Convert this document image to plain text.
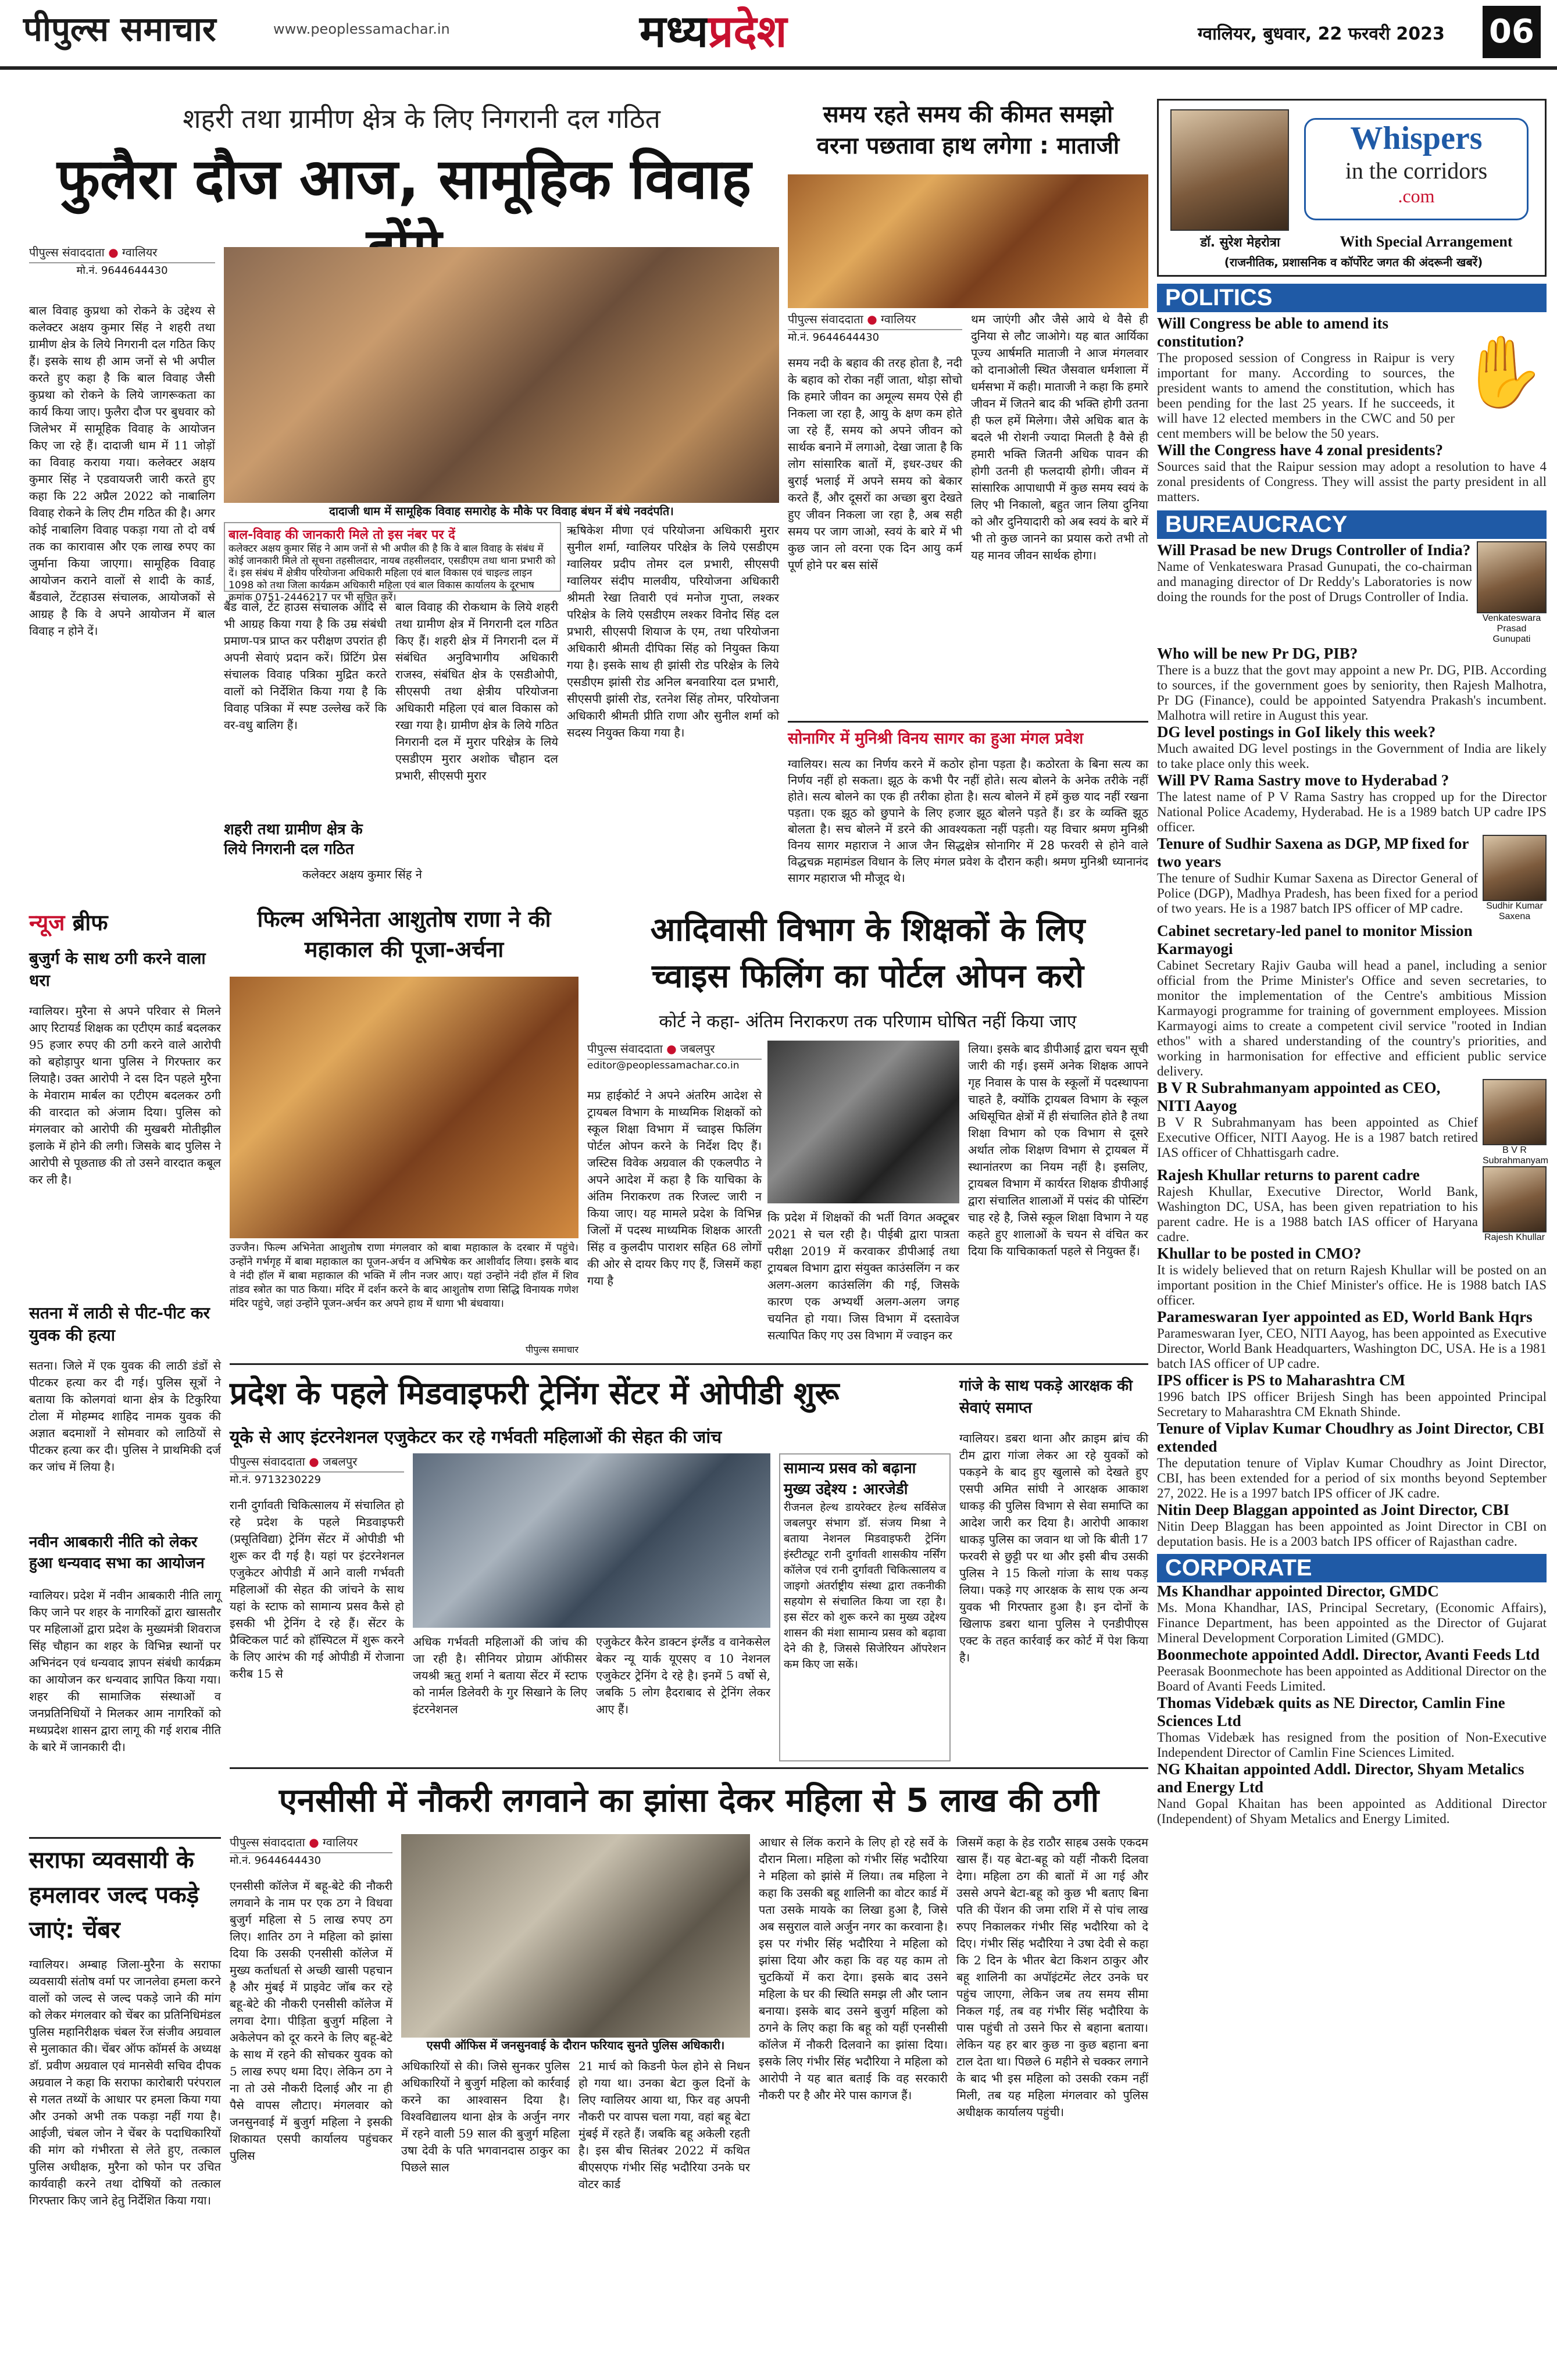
पीपुल्स समाचार	www.peoplessamachar.in	मध्यप्रदेश	ग्वालियर, बुधवार, 22 फरवरी 2023 06
शहरी तथा ग्रामीण क्षेत्र के लिए निगरानी दल गठित
फुलैरा दौज आज, सामूहिक विवाह
पीपुल्स संवाददाता ● ग्वालियर
मो.नं. 9644644430
बाल विवाह कुप्रथा को रोकने के उद्देश्य से कलेक्टर अक्षय कुमार सिंह ने शहरी तथा ग्रामीण क्षेत्र के लिये निगरानी दल गठित किए हैं। इसके साथ ही आम जनों से भी अपील करते हुए कहा है कि बाल विवाह जैसी कुप्रथा को रोकने के लिये जागरूकता का कार्य किया जाए। फुलैरा दौज पर बुधवार को जिलेभर में सामूहिक विवाह के आयोजन किए जा रहे हैं। दादाजी धाम में 11 जोड़ों का विवाह कराया गया। कलेक्टर अक्षय कुमार सिंह ने एडवायजरी जारी करते हुए कहा कि 22 अप्रैल 2022 को नाबालिग विवाह रोकने के लिए टीम गठित की है। अगर कोई नाबालिग विवाह पकड़ा गया तो दो वर्ष तक का कारावास और एक लाख रुपए का जुर्माना किया जाएगा। सामूहिक विवाह आयोजन कराने वालों से शादी के कार्ड, बैंडवाले, टेंटहाउस संचालक, आयोजकों से आग्रह है कि वे अपने आयोजन में बाल विवाह न होने दें।
दादाजी धाम में सामूहिक विवाह समारोह के मौके पर विवाह बंधन में बंधे नवदंपति।
बाल-विवाह की जानकारी मिले तो इस नंबर पर दें
कलेक्टर अक्षय कुमार सिंह ने आम जनों से भी अपील की है कि वे बाल विवाह के संबंध में कोई जानकारी मिले तो सूचना तहसीलदार, नायब तहसीलदार, एसडीएम तथा थाना प्रभारी को दें। इस संबंध में क्षेत्रीय परियोजना अधिकारी महिला एवं बाल विकास एवं चाइल्ड लाइन 1098 को तथा जिला कार्यक्रम अधिकारी महिला एवं बाल विकास कार्यालय के दूरभाष क्रमांक 0751-2446217 पर भी सूचित करें।
बैंड वाले, टेंट हाउस संचालक आदि से भी आग्रह किया गया है कि उम्र संबंधी प्रमाण-पत्र प्राप्त कर परीक्षण उपरांत ही अपनी सेवाएं प्रदान करें। प्रिंटिंग प्रेस संचालक विवाह पत्रिका मुद्रित करते वालों को निर्देशित किया गया है कि विवाह पत्रिका में स्पष्ट उल्लेख करें कि वर-वधु बालिग हैं।
शहरी तथा ग्रामीण क्षेत्र के लिये निगरानी दल गठित
बाल विवाह की रोकथाम के लिये शहरी तथा ग्रामीण क्षेत्र में निगरानी दल गठित किए हैं। शहरी क्षेत्र में निगरानी दल में संबंधित अनुविभागीय अधिकारी राजस्व, संबंधित क्षेत्र के एसडीओपी, सीएसपी तथा क्षेत्रीय परियोजना अधिकारी महिला एवं बाल विकास को रखा गया है। ग्रामीण क्षेत्र के लिये गठित निगरानी दल में मुरार परिक्षेत्र के लिये एसडीएम मुरार अशोक चौहान दल प्रभारी, सीएसपी मुरार
कलेक्टर अक्षय कुमार सिंह ने
ऋषिकेश मीणा एवं परियोजना अधिकारी मुरार सुनील शर्मा, ग्वालियर परिक्षेत्र के लिये एसडीएम ग्वालियर प्रदीप तोमर दल प्रभारी, सीएसपी ग्वालियर संदीप मालवीय, परियोजना अधिकारी श्रीमती रेखा तिवारी एवं मनोज गुप्ता, लश्कर परिक्षेत्र के लिये एसडीएम लश्कर विनोद सिंह दल प्रभारी, सीएसपी शियाज के एम, तथा परियोजना अधिकारी श्रीमती दीपिका सिंह को नियुक्त किया गया है। इसके साथ ही झांसी रोड परिक्षेत्र के लिये एसडीएम झांसी रोड अनिल बनवारिया दल प्रभारी, सीएसपी झांसी रोड, रतनेश सिंह तोमर, परियोजना अधिकारी श्रीमती प्रीति राणा और सुनील शर्मा को सदस्य नियुक्त किया गया है।
समय रहते समय की कीमत समझो
वरना पछतावा हाथ लगेगा : माताजी
पीपुल्स संवाददाता ● ग्वालियर
मो.नं. 9644644430
समय नदी के बहाव की तरह होता है, नदी के बहाव को रोका नहीं जाता, थोड़ा सोचो कि हमारे जीवन का अमूल्य समय ऐसे ही निकला जा रहा है, आयु के क्षण कम होते जा रहे हैं, समय को अपने जीवन को सार्थक बनाने में लगाओ, देखा जाता है कि लोग सांसारिक बातों में, इधर-उधर की बुराई भलाई में अपने समय को बेकार करते हैं, और दूसरों का अच्छा बुरा देखते हुए जीवन निकला जा रहा है, अब सही समय पर जाग जाओ, स्वयं के बारे में भी कुछ जान लो वरना एक दिन आयु कर्म पूर्ण होने पर बस सांसें
थम जाएंगी और जैसे आये थे वैसे ही दुनिया से लौट जाओगे। यह बात आर्यिका पूज्य आर्षमति माताजी ने आज मंगलवार को दानाओली स्थित जैसवाल धर्मशाला में धर्मसभा में कही। माताजी ने कहा कि हमारे जीवन में जितने बाद की भक्ति होगी उतना ही फल हमें मिलेगा। जैसे अधिक बात के बदले भी रोशनी ज्यादा मिलती है वैसे ही हमारी भक्ति जितनी अधिक पावन की होगी उतनी ही फलदायी होगी। जीवन में सांसारिक आपाधापी में कुछ समय स्वयं के लिए भी निकालो, बहुत जान लिया दुनिया को और दुनियादारी को अब स्वयं के बारे में भी तो कुछ जानने का प्रयास करो तभी तो यह मानव जीवन सार्थक होगा।
सोनागिर में मुनिश्री विनय सागर का हुआ मंगल प्रवेश
ग्वालियर। सत्य का निर्णय करने में कठोर होना पड़ता है। कठोरता के बिना सत्य का निर्णय नहीं हो सकता। झूठ के कभी पैर नहीं होते। सत्य बोलने के अनेक तरीके नहीं होते। सत्य बोलने का एक ही तरीका होता है। सत्य बोलने में हमें कुछ याद नहीं रखना पड़ता। एक झूठ को छुपाने के लिए हजार झूठ बोलने पड़ते हैं। डर के व्यक्ति झूठ बोलता है। सच बोलने में डरने की आवश्यकता नहीं पड़ती। यह विचार श्रमण मुनिश्री विनय सागर महाराज ने आज जैन सिद्धक्षेत्र सोनागिर में 28 फरवरी से होने वाले विद्धचक्र महामंडल विधान के लिए मंगल प्रवेश के दौरान कही। श्रमण मुनिश्री ध्यानानंद सागर महाराज भी मौजूद थे।
न्यूज ब्रीफ
बुजुर्ग के साथ ठगी करने वाला धरा
ग्वालियर। मुरैना से अपने परिवार से मिलने आए रिटायर्ड शिक्षक का एटीएम कार्ड बदलकर 95 हजार रुपए की ठगी करने वाले आरोपी को बहोड़ापुर थाना पुलिस ने गिरफ्तार कर लियाहै। उक्त आरोपी ने दस दिन पहले मुरैना के मेवाराम मार्बल का एटीएम बदलकर ठगी की वारदात को अंजाम दिया। पुलिस को मंगलवार को आरोपी की मुखबरी मोतीझील इलाके में होने की लगी। जिसके बाद पुलिस ने आरोपी से पूछताछ की तो उसने वारदात कबूल कर ली है।
सतना में लाठी से पीट-पीट कर युवक की हत्या
सतना। जिले में एक युवक की लाठी डंडों से पीटकर हत्या कर दी गई। पुलिस सूत्रों ने बताया कि कोलगवां थाना क्षेत्र के टिकुरिया टोला में मोहम्मद शाहिद नामक युवक की अज्ञात बदमाशों ने सोमवार को लाठियों से पीटकर हत्या कर दी। पुलिस ने प्राथमिकी दर्ज कर जांच में लिया है।
नवीन आबकारी नीति को लेकर हुआ धन्यवाद सभा का आयोजन
ग्वालियर। प्रदेश में नवीन आबकारी नीति लागू किए जाने पर शहर के नागरिकों द्वारा खासतौर पर महिलाओं द्वारा प्रदेश के मुख्यमंत्री शिवराज सिंह चौहान का शहर के विभिन्न स्थानों पर अभिनंदन एवं धन्यवाद ज्ञापन संबंधी कार्यक्रम का आयोजन कर धन्यवाद ज्ञापित किया गया। शहर की सामाजिक संस्थाओं व जनप्रतिनिधियों ने मिलकर आम नागरिकों को मध्यप्रदेश शासन द्वारा लागू की गई शराब नीति के बारे में जानकारी दी।
फिल्म अभिनेता आशुतोष राणा ने की महाकाल की पूजा-अर्चना
उज्जैन। फिल्म अभिनेता आशुतोष राणा मंगलवार को बाबा महाकाल के दरबार में पहुंचे। उन्होंने गर्भगृह में बाबा महाकाल का पूजन-अर्चन व अभिषेक कर आशीर्वाद लिया। इसके बाद वे नंदी हॉल में बाबा महाकाल की भक्ति में लीन नजर आए। यहां उन्होंने नंदी हॉल में शिव तांडव स्त्रोत का पाठ किया। मंदिर में दर्शन करने के बाद आशुतोष राणा सिद्धि विनायक गणेश मंदिर पहुंचे, जहां उन्होंने पूजन-अर्चन कर अपने हाथ में धागा भी बंधवाया।
पीपुल्स समाचार
आदिवासी विभाग के शिक्षकों के लिए
च्वाइस फिलिंग का पोर्टल ओपन करो
कोर्ट ने कहा- अंतिम निराकरण तक परिणाम घोषित नहीं किया जाए
पीपुल्स संवाददाता ● जबलपुर
editor@peoplessamachar.co.in
मप्र हाईकोर्ट ने अपने अंतरिम आदेश से ट्रायबल विभाग के माध्यमिक शिक्षकों को स्कूल शिक्षा विभाग में च्वाइस फिलिंग पोर्टल ओपन करने के निर्देश दिए हैं। जस्टिस विवेक अग्रवाल की एकलपीठ ने अपने आदेश में कहा है कि याचिका के अंतिम निराकरण तक रिजल्ट जारी न किया जाए। यह मामले प्रदेश के विभिन्न जिलों में पदस्थ माध्यमिक शिक्षक आरती सिंह व कुलदीप पाराशर सहित 68 लोगों की ओर से दायर किए गए हैं, जिसमें कहा गया है
कि प्रदेश में शिक्षकों की भर्ती विगत अक्टूबर 2021 से चल रही है। पीईबी द्वारा पात्रता परीक्षा 2019 में करवाकर डीपीआई तथा ट्रायबल विभाग द्वारा संयुक्त काउंसलिंग न कर अलग-अलग काउंसलिंग की गई, जिसके कारण एक अभ्यर्थी अलग-अलग जगह चयनित हो गया। जिस विभाग में दस्तावेज सत्यापित किए गए उस विभाग में ज्वाइन कर
लिया। इसके बाद डीपीआई द्वारा चयन सूची जारी की गई। इसमें अनेक शिक्षक आपने गृह निवास के पास के स्कूलों में पदस्थापना चाहते है, क्योंकि ट्रायबल विभाग के स्कूल अधिसूचित क्षेत्रों में ही संचालित होते है तथा शिक्षा विभाग को एक विभाग से दूसरे अर्थात लोक शिक्षण विभाग से ट्रायबल में स्थानांतरण का नियम नहीं है। इसलिए, ट्रायबल विभाग में कार्यरत शिक्षक डीपीआई द्वारा संचालित शालाओं में पसंद की पोस्टिंग चाह रहे है, जिसे स्कूल शिक्षा विभाग ने यह कहते हुए शालाओं के चयन से वंचित कर दिया कि याचिकाकर्ता पहले से नियुक्त हैं।
प्रदेश के पहले मिडवाइफरी ट्रेनिंग सेंटर में ओपीडी शुरू
यूके से आए इंटरनेशनल एजुकेटर कर रहे गर्भवती महिलाओं की सेहत की जांच
पीपुल्स संवाददाता ● जबलपुर
मो.नं. 9713230229
रानी दुर्गावती चिकित्सालय में संचालित हो रहे प्रदेश के पहले मिडवाइफरी (प्रसूतिविद्या) ट्रेनिंग सेंटर में ओपीडी भी शुरू कर दी गई है। यहां पर इंटरनेशनल एजुकेटर ओपीडी में आने वाली गर्भवती महिलाओं की सेहत की जांचने के साथ यहां के स्टाफ को सामान्य प्रसव कैसे हो इसकी भी ट्रेनिंग दे रहे हैं। सेंटर के प्रैक्टिकल पार्ट को हॉस्पिटल में शुरू करने के लिए आरंभ की गई ओपीडी में रोजाना करीब 15 से
अधिक गर्भवती महिलाओं की जांच की जा रही है। सीनियर प्रोग्राम ऑफीसर जयश्री ऋतु शर्मा ने बताया सेंटर में स्टाफ को नार्मल डिलेवरी के गुर सिखाने के लिए इंटरनेशनल
एजुकेटर कैरेन डाक्टन इंग्लैंड व वानेकसेल बेकर न्यू यार्क यूएसए व 10 नेशनल एजुकेटर ट्रेनिंग दे रहे है। इनमें 5 वर्षो से, जबकि 5 लोग हैदराबाद से ट्रेनिंग लेकर आए हैं।
सामान्य प्रसव को बढ़ाना मुख्य उद्देश्य : आरजेडी
रीजनल हेल्थ डायरेक्टर हेल्थ सर्विसेज जबलपुर संभाग डॉ. संजय मिश्रा ने बताया नेशनल मिडवाइफरी ट्रेनिंग इंस्टीट्यूट रानी दुर्गावती शासकीय नर्सिंग कॉलेज एवं रानी दुर्गावती चिकित्सालय व जाइगो अंतर्राष्ट्रीय संस्था द्वारा तकनीकी सहयोग से संचालित किया जा रहा है। इस सेंटर को शुरू करने का मुख्य उद्देश्य शासन की मंशा सामान्य प्रसव को बढ़ावा देने की है, जिससे सिजेरियन ऑपरेशन कम किए जा सकें।
गांजे के साथ पकड़े आरक्षक की सेवाएं समाप्त
ग्वालियर। डबरा थाना और क्राइम ब्रांच की टीम द्वारा गांजा लेकर आ रहे युवकों को पकड़ने के बाद हुए खुलासे को देखते हुए एसपी अमित सांघी ने आरक्षक आकाश धाकड़ की पुलिस विभाग से सेवा समाप्ति का आदेश जारी कर दिया है। आरोपी आकाश धाकड़ पुलिस का जवान था जो कि बीती 17 फरवरी से छुट्टी पर था और इसी बीच उसकी पुलिस ने 15 किलो गांजा के साथ पकड़ लिया। पकड़े गए आरक्षक के साथ एक अन्य युवक भी गिरफ्तार हुआ है। इन दोनों के खिलाफ डबरा थाना पुलिस ने एनडीपीएस एक्ट के तहत कार्रवाई कर कोर्ट में पेश किया है।
सराफा व्यवसायी के हमलावर जल्द पकड़े जाएं: चेंबर
ग्वालियर। अम्बाह जिला-मुरैना के सराफा व्यवसायी संतोष वर्मा पर जानलेवा हमला करने वालों को जल्द से जल्द पकड़े जाने की मांग को लेकर मंगलवार को चेंबर का प्रतिनिधिमंडल पुलिस महानिरीक्षक चंबल रेंज संजीव अग्रवाल से मुलाकात की। चेंबर ऑफ कॉमर्स के अध्यक्ष डॉ. प्रवीण अग्रवाल एवं मानसेवी सचिव दीपक अग्रवाल ने कहा कि सराफा कारोबारी परंपराल से गलत तथ्यों के आधार पर हमला किया गया और उनको अभी तक पकड़ा नहीं गया है। आईजी, चंबल जोन ने चेंबर के पदाधिकारियों की मांग को गंभीरता से लेते हुए, तत्काल पुलिस अधीक्षक, मुरैना को फोन पर उचित कार्यवाही करने तथा दोषियों को तत्काल गिरफ्तार किए जाने हेतु निर्देशित किया गया।
एनसीसी में नौकरी लगवाने का झांसा देकर महिला से 5 लाख की ठगी
पीपुल्स संवाददाता ● ग्वालियर
मो.नं. 9644644430
एनसीसी कॉलेज में बहू-बेटे की नौकरी लगवाने के नाम पर एक ठग ने विधवा बुजुर्ग महिला से 5 लाख रुपए ठग लिए। शातिर ठग ने महिला को झांसा दिया कि उसकी एनसीसी कॉलेज में मुख्य कर्ताधर्ता से अच्छी खासी पहचान है और मुंबई में प्राइवेट जॉब कर रहे बहू-बेटे की नौकरी एनसीसी कॉलेज में लगवा देगा। पीड़िता बुजुर्ग महिला ने अकेलेपन को दूर करने के लिए बहू-बेटे के साथ में रहने की सोचकर युवक को 5 लाख रुपए थमा दिए। लेकिन ठग ने ना तो उसे नौकरी दिलाई और ना ही पैसे वापस लौटाए। मंगलवार को जनसुनवाई में बुजुर्ग महिला ने इसकी शिकायत एसपी कार्यालय पहुंचकर पुलिस
एसपी ऑफिस में जनसुनवाई के दौरान फरियाद सुनते पुलिस अधिकारी।
अधिकारियों से की। जिसे सुनकर पुलिस अधिकारियों ने बुजुर्ग महिला को कार्रवाई करने का आश्वासन दिया है। विश्वविद्यालय थाना क्षेत्र के अर्जुन नगर में रहने वाली 59 साल की बुजुर्ग महिला उषा देवी के पति भगवानदास ठाकुर का पिछले साल
21 मार्च को किडनी फेल होने से निधन हो गया था। उनका बेटा कुल दिनों के लिए ग्वालियर आया था, फिर वह अपनी नौकरी पर वापस चला गया, वहां बहू बेटा मुंबई में रहते हैं। जबकि बहू अकेली रहती है। इस बीच सितंबर 2022 में कथित बीएसएफ गंभीर सिंह भदौरिया उनके घर वोटर कार्ड
आधार से लिंक कराने के लिए हो रहे सर्वे के दौरान मिला। महिला को गंभीर सिंह भदौरिया ने महिला को झांसे में लिया। तब महिला ने कहा कि उसकी बहू शालिनी का वोटर कार्ड में पता उसके मायके का लिखा हुआ है, जिसे अब ससुराल वाले अर्जुन नगर का करवाना है। इस पर गंभीर सिंह भदौरिया ने महिला को झांसा दिया और कहा कि वह यह काम तो चुटकियों में करा देगा। इसके बाद उसने महिला के घर की स्थिति समझ ली और प्लान बनाया। इसके बाद उसने बुजुर्ग महिला को ठगने के लिए कहा कि बहू को यहीं एनसीसी कॉलेज में नौकरी दिलवाने का झांसा दिया। इसके लिए गंभीर सिंह भदौरिया ने महिला को आरोपी ने यह बात बताई कि वह सरकारी नौकरी पर है और मेरे पास कागज हैं।
जिसमें कहा के हेड राठौर साहब उसके एकदम खास हैं। यह बेटा-बहू को यहीं नौकरी दिलवा देगा। महिला ठग की बातों में आ गई और उससे अपने बेटा-बहू को कुछ भी बताए बिना पति की पेंशन की जमा राशि में से पांच लाख रुपए निकालकर गंभीर सिंह भदौरिया को दे दिए। गंभीर सिंह भदौरिया ने उषा देवी से कहा कि 2 दिन के भीतर बेटा किशन ठाकुर और बहू शालिनी का अपॉइंटमेंट लेटर उनके घर पहुंच जाएगा, लेकिन जब तय समय सीमा निकल गई, तब वह गंभीर सिंह भदौरिया के पास पहुंची तो उसने फिर से बहाना बताया। लेकिन यह हर बार कुछ ना कुछ बहाना बना टाल देता था। पिछले 6 महीने से चक्कर लगाने के बाद भी इस महिला को उसकी रकम नहीं मिली, तब यह महिला मंगलवार को पुलिस अधीक्षक कार्यालय पहुंची।
Whispers
in the corridors
.com
डॉ. सुरेश मेहरोत्रा	With Special Arrangement
(राजनीतिक, प्रशासनिक व कॉर्पोरेट जगत की अंदरूनी खबरें)
POLITICS
Will Congress be able to amend its constitution?
The proposed session of Congress in Raipur is very important for many. According to sources, the president wants to amend the constitution, which has been pending for the last 25 years. If he succeeds, it will have 12 elected members in the CWC and 50 per cent members will be below the 50 years.
✋
Will the Congress have 4 zonal presidents?
Sources said that the Raipur session may adopt a resolution to have 4 zonal presidents of Congress. They will assist the party president in all matters.
BUREAUCRACY
Will Prasad be new Drugs Controller of India?
Name of Venkateswara Prasad Gunupati, the co-chairman and managing director of Dr Reddy's Laboratories is now doing the rounds for the post of Drugs Controller of India.
Venkateswara Prasad Gunupati
Who will be new Pr DG, PIB?
There is a buzz that the govt may appoint a new Pr. DG, PIB. According to sources, if the government goes by seniority, then Rajesh Malhotra, Pr DG (Finance), could be appointed Satyendra Prakash's incumbent. Malhotra will retire in August this year.
DG level postings in GoI likely this week?
Much awaited DG level postings in the Government of India are likely to take place only this week.
Will PV Rama Sastry move to Hyderabad ?
The latest name of P V Rama Sastry has cropped up for the Director National Police Academy, Hyderabad. He is a 1989 batch UP cadre IPS officer.
Tenure of Sudhir Saxena as DGP, MP fixed for two years
The tenure of Sudhir Kumar Saxena as Director General of Police (DGP), Madhya Pradesh, has been fixed for a period of two years. He is a 1987 batch IPS officer of MP cadre.	Sudhir Kumar Saxena
Cabinet secretary-led panel to monitor Mission Karmayogi
Cabinet Secretary Rajiv Gauba will head a panel, including a senior official from the Prime Minister's Office and seven secretaries, to monitor the implementation of the Centre's ambitious Mission Karmayogi programme for training of government employees. Mission Karmayogi aims to create a competent civil service "rooted in Indian ethos" with a shared understanding of the country's priorities, and working in harmonisation for effective and efficient public service delivery.
B V R Subrahmanyam appointed as CEO, NITI Aayog
B V R Subrahmanyam has been appointed as Chief Executive Officer, NITI Aayog. He is a 1987 batch retired IAS officer of Chhattisgarh cadre.	B V R Subrahmanyam
Rajesh Khullar returns to parent cadre
Rajesh Khullar, Executive Director, World Bank, Washington DC, USA, has been given repatriation to his parent cadre. He is a 1988 batch IAS officer of Haryana cadre.	Rajesh Khullar
Khullar to be posted in CMO?
It is widely believed that on return Rajesh Khullar will be posted on an important position in the Chief Minister's office. He is 1988 batch IAS officer.
Parameswaran Iyer appointed as ED, World Bank Hqrs
Parameswaran Iyer, CEO, NITI Aayog, has been appointed as Executive Director, World Bank Headquarters, Washington DC, USA. He is a 1981 batch IAS officer of UP cadre.
IPS officer is PS to Maharashtra CM
1996 batch IPS officer Brijesh Singh has been appointed Principal Secretary to Maharashtra CM Eknath Shinde.
Tenure of Viplav Kumar Choudhry as Joint Director, CBI extended
The deputation tenure of Viplav Kumar Choudhry as Joint Director, CBI, has been extended for a period of six months beyond September 27, 2022. He is a 1997 batch IPS officer of JK cadre.
Nitin Deep Blaggan appointed as Joint Director, CBI
Nitin Deep Blaggan has been appointed as Joint Director in CBI on deputation basis. He is a 2003 batch IPS officer of Rajasthan cadre.
CORPORATE
Ms Khandhar appointed Director, GMDC
Ms. Mona Khandhar, IAS, Principal Secretary, (Economic Affairs), Finance Department, has been appointed as the Director of Gujarat Mineral Development Corporation Limited (GMDC).
Boonmechote appointed Addl. Director, Avanti Feeds Ltd
Peerasak Boonmechote has been appointed as Additional Director on the Board of Avanti Feeds Limited.
Thomas Videbæk quits as NE Director, Camlin Fine Sciences Ltd
Thomas Videbæk has resigned from the position of Non-Executive Independent Director of Camlin Fine Sciences Limited.
NG Khaitan appointed Addl. Director, Shyam Metalics and Energy Ltd
Nand Gopal Khaitan has been appointed as Additional Director (Independent) of Shyam Metalics and Energy Limited.
